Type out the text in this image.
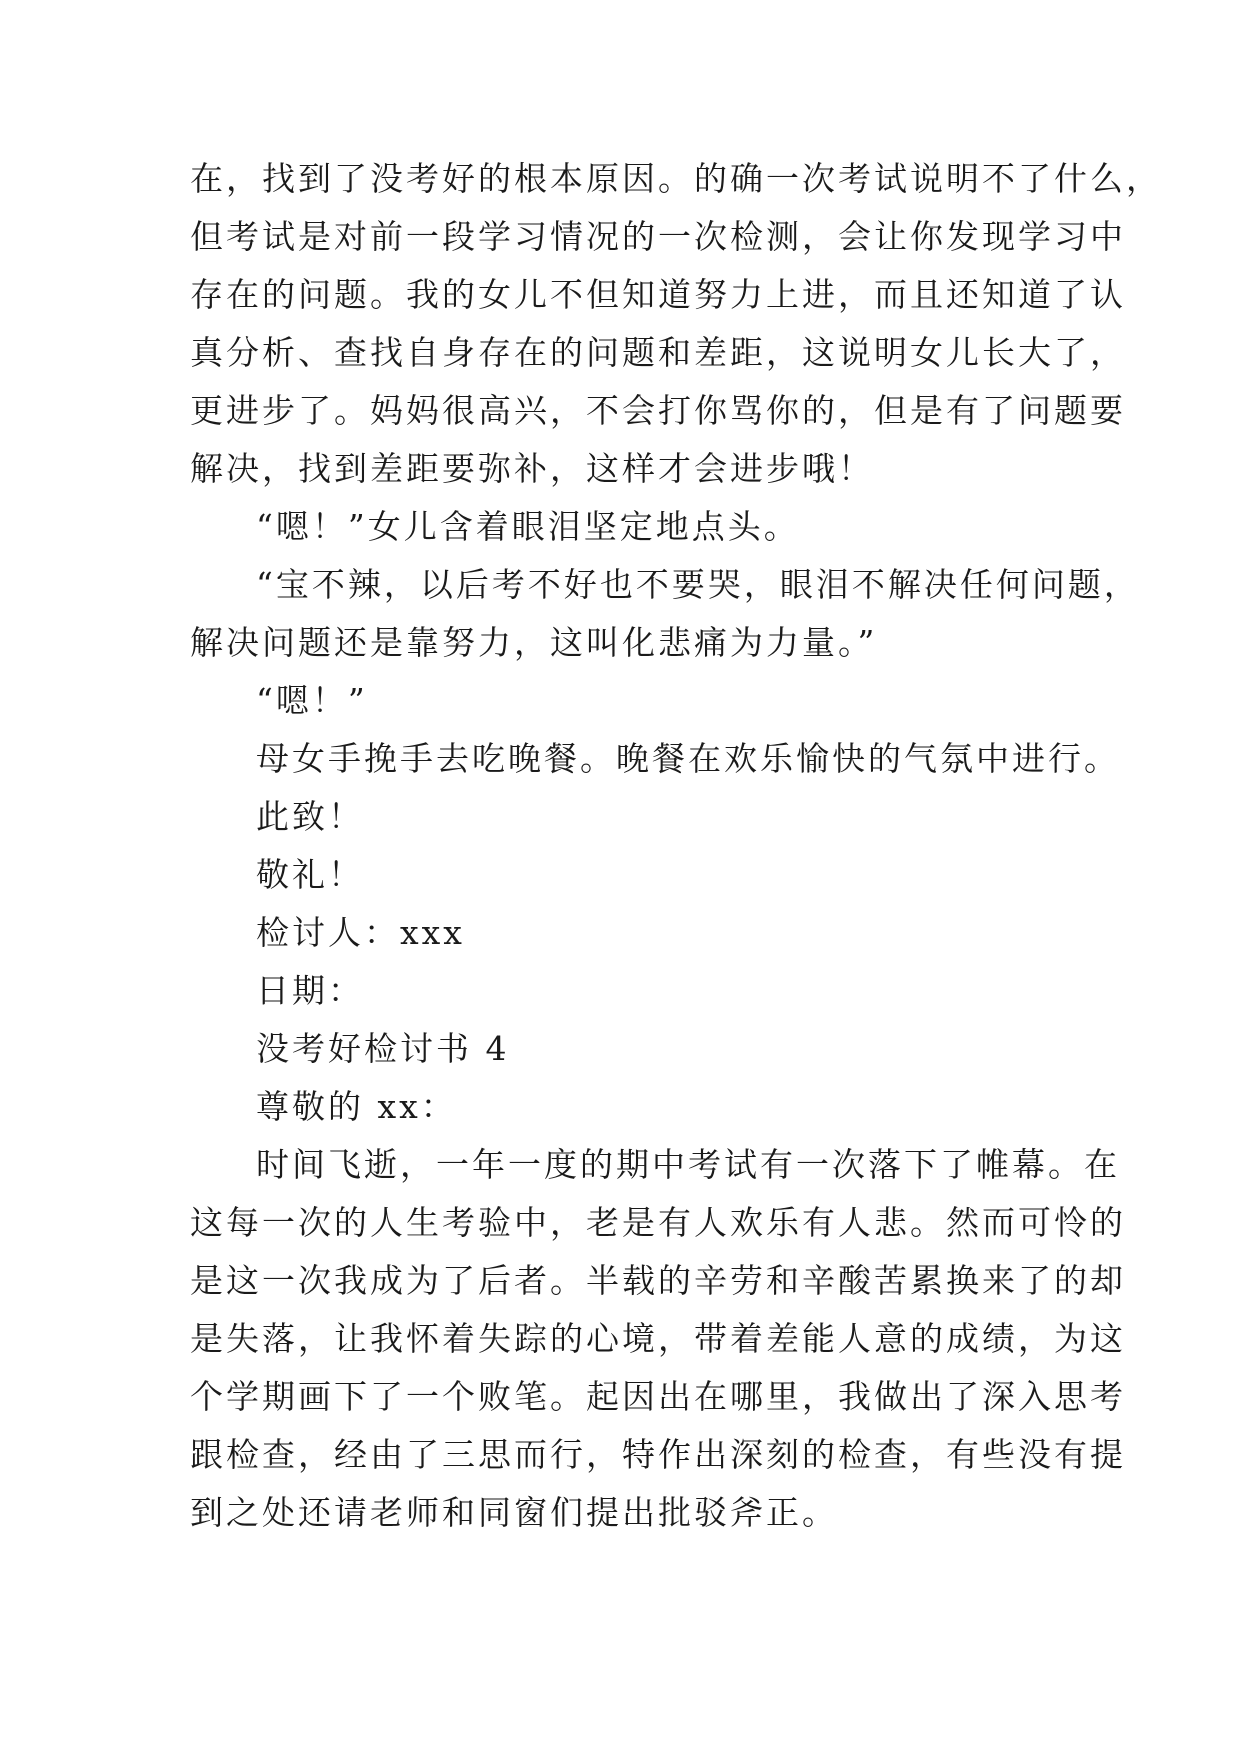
在，找到了没考好的根本原因。的确一次考试说明不了什么，
但考试是对前一段学习情况的一次检测，会让你发现学习中
存在的问题。我的女儿不但知道努力上进，而且还知道了认
真分析、查找自身存在的问题和差距，这说明女儿长大了，
更进步了。妈妈很高兴，不会打你骂你的，但是有了问题要
解决，找到差距要弥补，这样才会进步哦！
“嗯！”女儿含着眼泪坚定地点头。
“宝不辣，以后考不好也不要哭，眼泪不解决任何问题，
解决问题还是靠努力，这叫化悲痛为力量。”
“嗯！”
母女手挽手去吃晚餐。晚餐在欢乐愉快的气氛中进行。
此致！
敬礼！
检讨人：xxx
日期：
没考好检讨书 4
尊敬的 xx：
时间飞逝，一年一度的期中考试有一次落下了帷幕。在
这每一次的人生考验中，老是有人欢乐有人悲。然而可怜的
是这一次我成为了后者。半载的辛劳和辛酸苦累换来了的却
是失落，让我怀着失踪的心境，带着差能人意的成绩，为这
个学期画下了一个败笔。起因出在哪里，我做出了深入思考
跟检查，经由了三思而行，特作出深刻的检查，有些没有提
到之处还请老师和同窗们提出批驳斧正。
